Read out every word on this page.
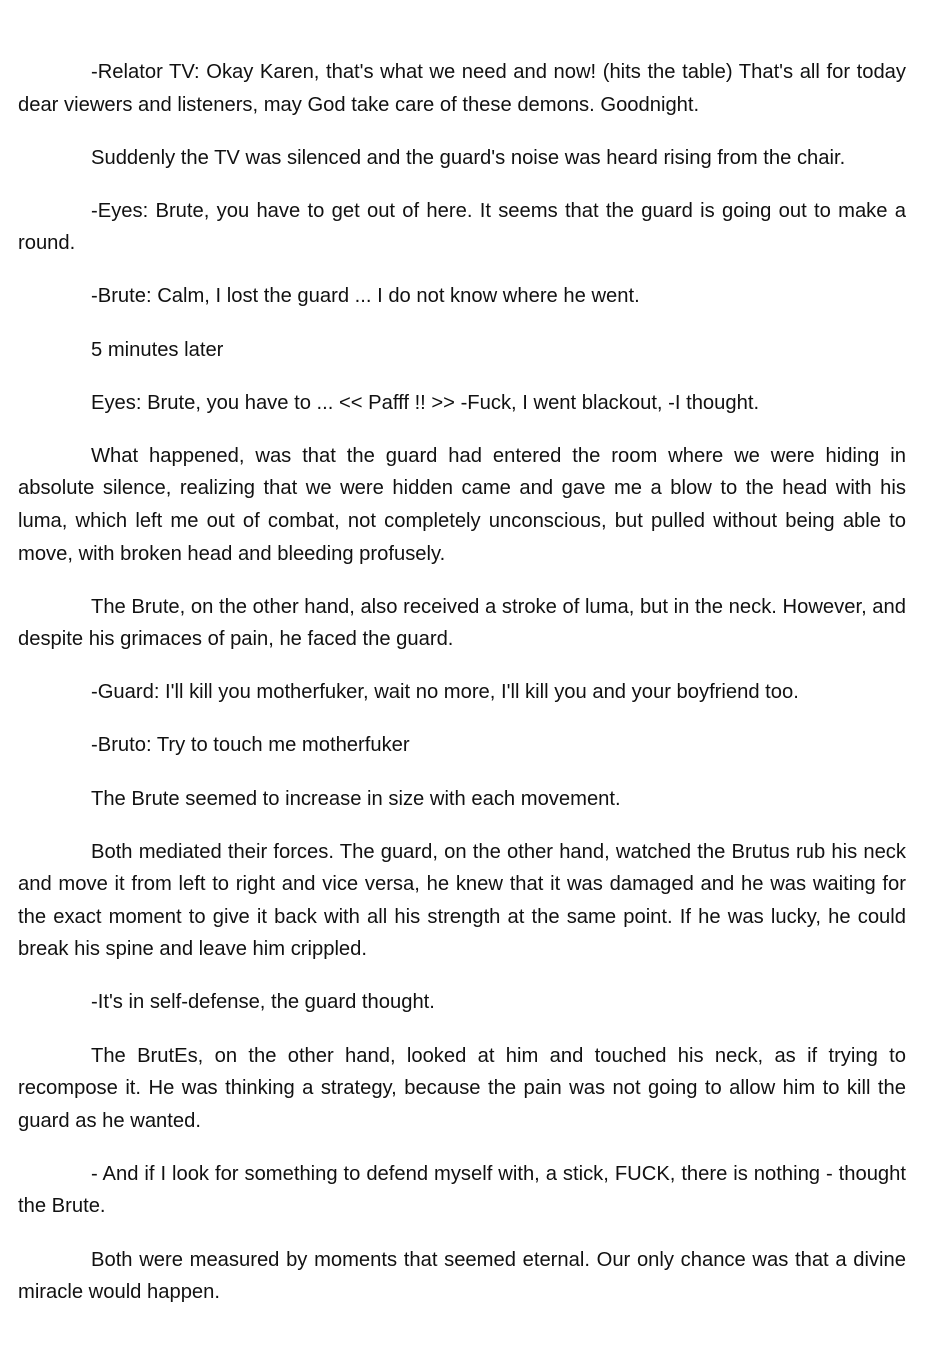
-Relator TV: Okay Karen, that's what we need and now! (hits the table) That's all for today dear viewers and listeners, may God take care of these demons. Goodnight.

Suddenly the TV was silenced and the guard's noise was heard rising from the chair.

-Eyes: Brute, you have to get out of here. It seems that the guard is going out to make a round.

-Brute: Calm, I lost the guard ... I do not know where he went.

5 minutes later

Eyes: Brute, you have to ... << Pafff !! >> -Fuck, I went blackout, -I thought.

What happened, was that the guard had entered the room where we were hiding in absolute silence, realizing that we were hidden came and gave me a blow to the head with his luma, which left me out of combat, not completely unconscious, but pulled without being able to move, with broken head and bleeding profusely.

The Brute, on the other hand, also received a stroke of luma, but in the neck. However, and despite his grimaces of pain, he faced the guard.

-Guard: I'll kill you motherfuker, wait no more, I'll kill you and your boyfriend too.

-Bruto: Try to touch me motherfuker

The Brute seemed to increase in size with each movement.

Both mediated their forces. The guard, on the other hand, watched the Brutus rub his neck and move it from left to right and vice versa, he knew that it was damaged and he was waiting for the exact moment to give it back with all his strength at the same point. If he was lucky, he could break his spine and leave him crippled.

-It's in self-defense, the guard thought.

The BrutEs, on the other hand, looked at him and touched his neck, as if trying to recompose it. He was thinking a strategy, because the pain was not going to allow him to kill the guard as he wanted.

- And if I look for something to defend myself with, a stick, FUCK, there is nothing - thought the Brute.

Both were measured by moments that seemed eternal. Our only chance was that a divine miracle would happen.
